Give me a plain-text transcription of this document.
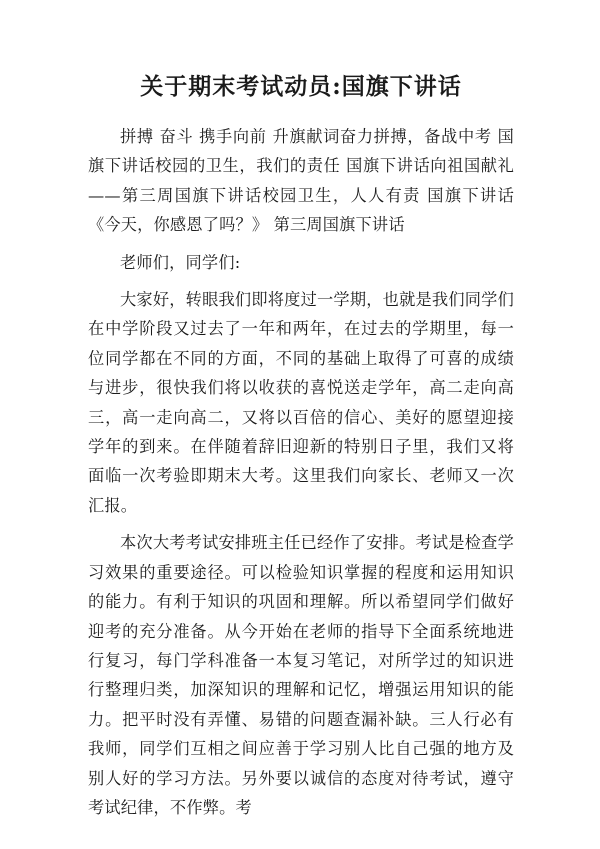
关于期末考试动员:国旗下讲话

拼搏 奋斗 携手向前 升旗献词奋力拼搏，备战中考 国旗下讲话校园的卫生，我们的责任 国旗下讲话向祖国献礼——第三周国旗下讲话校园卫生，人人有责 国旗下讲话《今天，你感恩了吗？》 第三周国旗下讲话

老师们，同学们:

大家好，转眼我们即将度过一学期，也就是我们同学们在中学阶段又过去了一年和两年，在过去的学期里，每一位同学都在不同的方面，不同的基础上取得了可喜的成绩与进步，很快我们将以收获的喜悦送走学年，高二走向高三，高一走向高二，又将以百倍的信心、美好的愿望迎接学年的到来。在伴随着辞旧迎新的特别日子里，我们又将面临一次考验即期末大考。这里我们向家长、老师又一次汇报。

本次大考考试安排班主任已经作了安排。考试是检查学习效果的重要途径。可以检验知识掌握的程度和运用知识的能力。有利于知识的巩固和理解。所以希望同学们做好迎考的充分准备。从今开始在老师的指导下全面系统地进行复习，每门学科准备一本复习笔记，对所学过的知识进行整理归类，加深知识的理解和记忆，增强运用知识的能力。把平时没有弄懂、易错的问题查漏补缺。三人行必有我师，同学们互相之间应善于学习别人比自己强的地方及别人好的学习方法。另外要以诚信的态度对待考试，遵守考试纪律，不作弊。考
